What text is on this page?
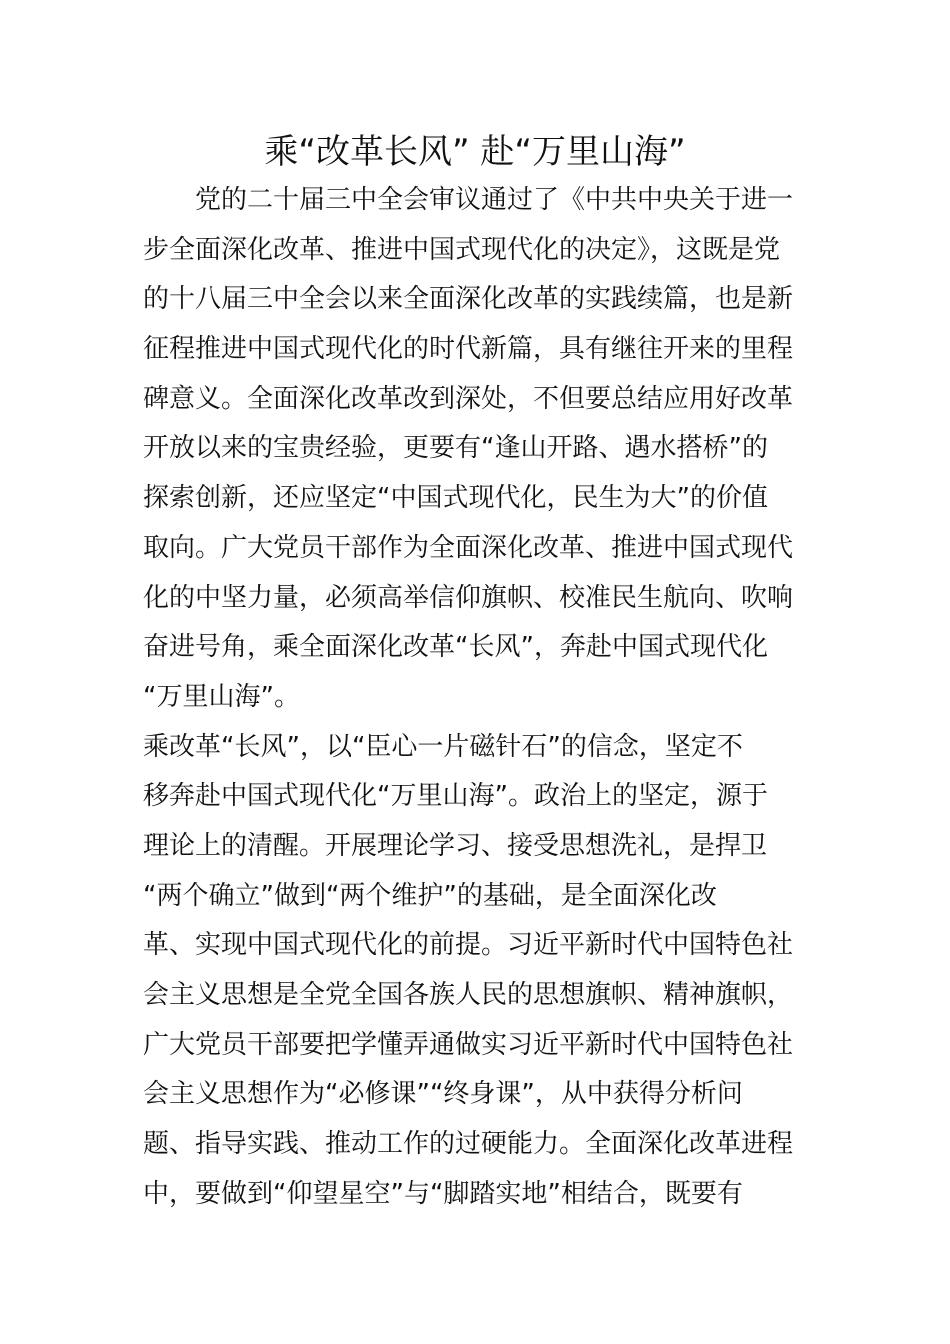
乘“改革长风” 赴“万里山海”
　　党的二十届三中全会审议通过了《中共中央关于进一
步全面深化改革、推进中国式现代化的决定》，这既是党
的十八届三中全会以来全面深化改革的实践续篇，也是新
征程推进中国式现代化的时代新篇，具有继往开来的里程
碑意义。全面深化改革改到深处，不但要总结应用好改革
开放以来的宝贵经验，更要有“逢山开路、遇水搭桥”的
探索创新，还应坚定“中国式现代化，民生为大”的价值
取向。广大党员干部作为全面深化改革、推进中国式现代
化的中坚力量，必须高举信仰旗帜、校准民生航向、吹响
奋进号角，乘全面深化改革“长风”，奔赴中国式现代化
“万里山海”。
乘改革“长风”，以“臣心一片磁针石”的信念，坚定不
移奔赴中国式现代化“万里山海”。政治上的坚定，源于
理论上的清醒。开展理论学习、接受思想洗礼，是捍卫
“两个确立”做到“两个维护”的基础，是全面深化改
革、实现中国式现代化的前提。习近平新时代中国特色社
会主义思想是全党全国各族人民的思想旗帜、精神旗帜，
广大党员干部要把学懂弄通做实习近平新时代中国特色社
会主义思想作为“必修课”“终身课”，从中获得分析问
题、指导实践、推动工作的过硬能力。全面深化改革进程
中，要做到“仰望星空”与“脚踏实地”相结合，既要有
